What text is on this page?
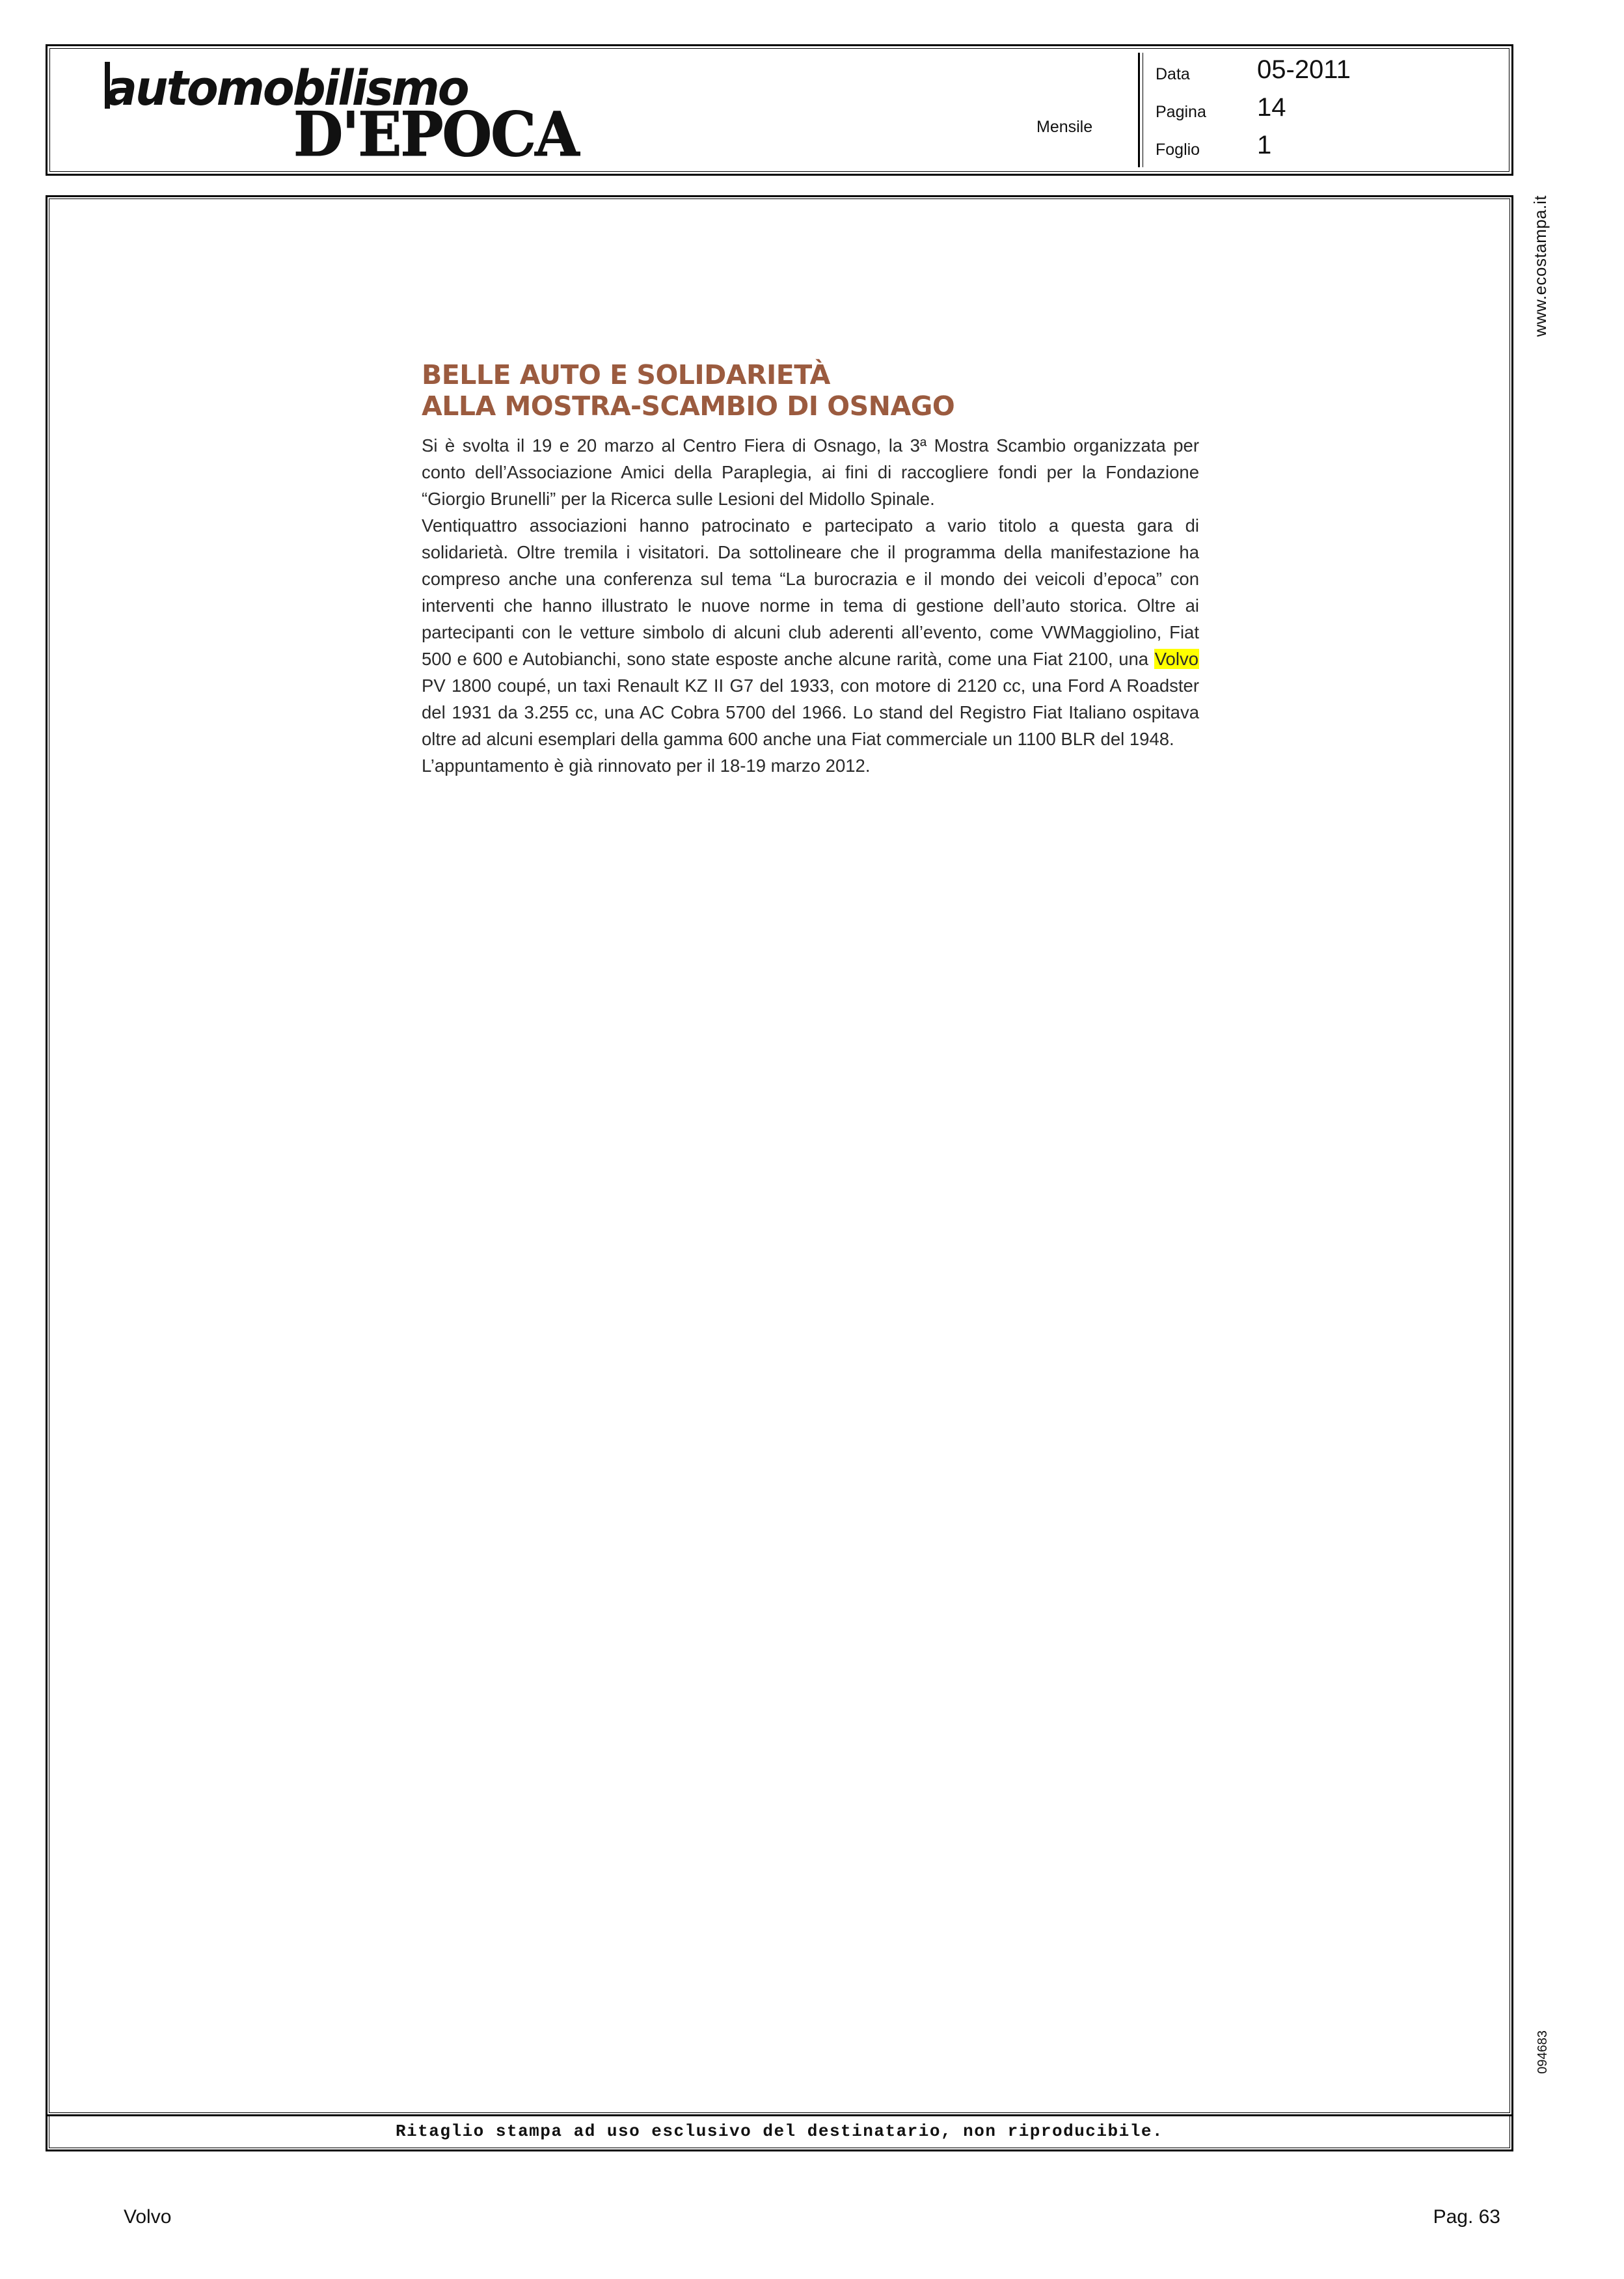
automobilismo
D'EPOCA	Mensile
Data	05-2011
Pagina 14
Foglio 1
BELLE AUTO E SOLIDARIETÀ
ALLA MOSTRA-SCAMBIO DI OSNAGO

Si è svolta il 19 e 20 marzo al Centro Fiera di Osnago, la 3ª Mostra Scambio organizzata per conto dell’Associazione Amici della Paraplegia, ai fini di raccogliere fondi per la Fondazione “Giorgio Brunelli” per la Ricerca sulle Lesioni del Midollo Spinale.

Ventiquattro associazioni hanno patrocinato e partecipato a vario titolo a questa gara di solidarietà. Oltre tremila i visitatori. Da sottolineare che il programma della manifestazione ha compreso anche una conferenza sul tema “La burocrazia e il mondo dei veicoli d’epoca” con interventi che hanno illustrato le nuove norme in tema di gestione dell’auto storica. Oltre ai partecipanti con le vetture simbolo di alcuni club aderenti all’evento, come VWMaggiolino, Fiat 500 e 600 e Autobianchi, sono state esposte anche alcune rarità, come una Fiat 2100, una Volvo PV 1800 coupé, un taxi Renault KZ II G7 del 1933, con motore di 2120 cc, una Ford A Roadster del 1931 da 3.255 cc, una AC Cobra 5700 del 1966. Lo stand del Registro Fiat Italiano ospitava oltre ad alcuni esemplari della gamma 600 anche una Fiat commerciale un 1100 BLR del 1948.

L’appuntamento è già rinnovato per il 18-19 marzo 2012.

www.ecostampa.it
094683
Ritaglio stampa ad uso esclusivo del destinatario, non riproducibile.
Volvo	Pag. 63
